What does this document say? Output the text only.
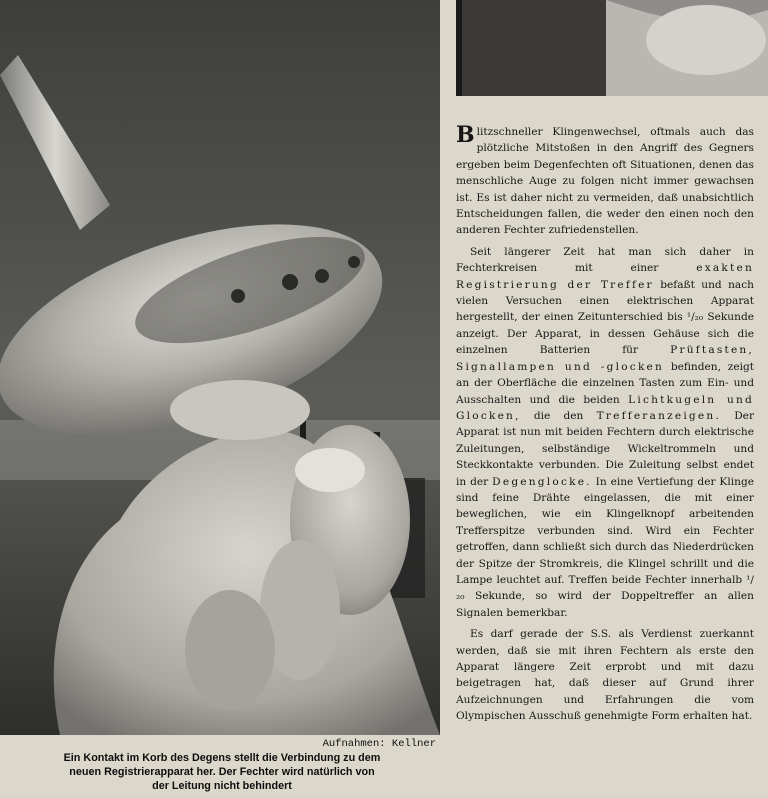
Aufnahmen: Kellner
Ein Kontakt im Korb des Degens stellt die Verbindung zu dem
neuen Registrierapparat her. Der Fechter wird natürlich von
der Leitung nicht behindert

Blitzschneller Klingenwechsel, oftmals auch das plötzliche Mitstoßen in den Angriff des Gegners ergeben beim Degenfechten oft Situationen, denen das menschliche Auge zu folgen nicht immer gewachsen ist. Es ist daher nicht zu vermeiden, daß unabsichtlich Entscheidungen fallen, die weder den einen noch den anderen Fechter zufriedenstellen.

Seit längerer Zeit hat man sich daher in Fechterkreisen mit einer	exakten Registrierung der Treffer befaßt und nach vielen Versuchen einen elektrischen Apparat hergestellt, der einen Zeitunterschied bis ¹/₂₀ Sekunde anzeigt. Der Apparat, in dessen Gehäuse sich die einzelnen Batterien für	Prüftasten, Signallampen und -glocken befinden, zeigt an der Oberfläche die einzelnen Tasten zum Ein- und Ausschalten und die beiden Lichtkugeln und Glocken, die den Trefferanzeigen. Der Apparat ist nun mit beiden Fechtern durch elektrische Zuleitungen, selbständige Wickeltrommeln und Steckkontakte verbunden. Die Zuleitung selbst endet in der Degenglocke. In eine Vertiefung der Klinge sind feine Drähte eingelassen, die mit einer beweglichen, wie ein Klingelknopf arbeitenden Trefferspitze verbunden sind. Wird ein Fechter getroffen, dann schließt sich durch das Niederdrücken der Spitze der Stromkreis, die Klingel schrillt und die Lampe leuchtet auf. Treffen beide Fechter innerhalb ¹/₂₀ Sekunde, so wird der Doppeltreffer an allen Signalen bemerkbar.

Es darf gerade der S.S. als Verdienst zuerkannt werden, daß sie mit ihren Fechtern als erste den Apparat längere Zeit erprobt und mit dazu beigetragen hat, daß dieser auf Grund ihrer Aufzeichnungen und Erfahrungen die vom Olympischen Ausschuß genehmigte Form erhalten hat.
